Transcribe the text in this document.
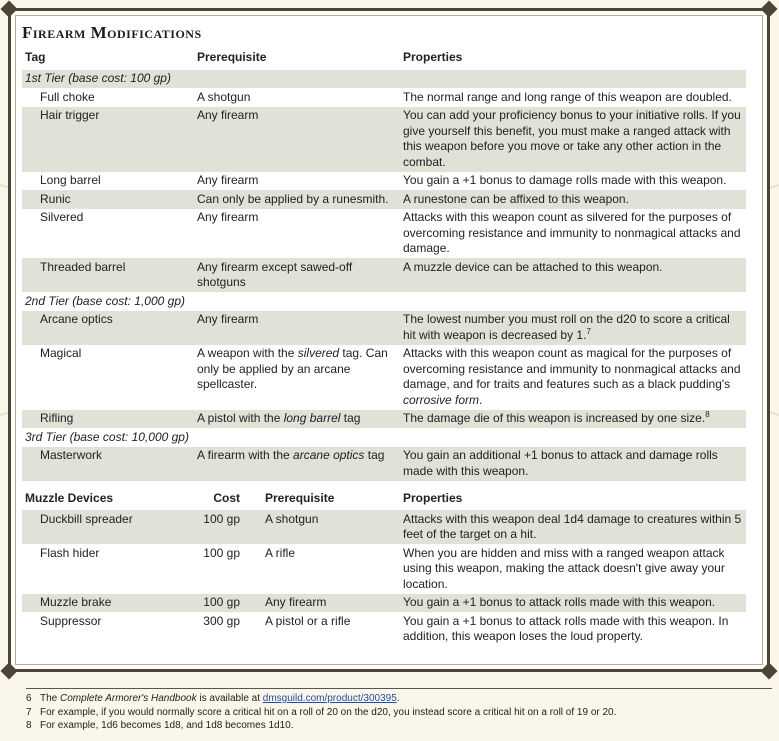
Firearm Modifications
Tag	Prerequisite	Properties
1st Tier (base cost: 100 gp)		
Full choke	A shotgun	The normal range and long range of this weapon are doubled.
Hair trigger	Any firearm	You can add your proficiency bonus to your initiative rolls. If you give yourself this benefit, you must make a ranged attack with this weapon before you move or take any other action in the combat.
Long barrel	Any firearm	You gain a +1 bonus to damage rolls made with this weapon.
Runic	Can only be applied by a runesmith.	A runestone can be affixed to this weapon.
Silvered	Any firearm	Attacks with this weapon count as silvered for the purposes of overcoming resistance and immunity to nonmagical attacks and damage.
Threaded barrel	Any firearm except sawed-off shotguns	A muzzle device can be attached to this weapon.
2nd Tier (base cost: 1,000 gp)		
Arcane optics	Any firearm	The lowest number you must roll on the d20 to score a critical hit with weapon is decreased by 1.$^7$
Magical	A weapon with the silvered tag. Can only be applied by an arcane spellcaster.	Attacks with this weapon count as magical for the purposes of overcoming resistance and immunity to nonmagical attacks and damage, and for traits and features such as a black pudding's corrosive form.
Rifling	A pistol with the long barrel tag	The damage die of this weapon is increased by one size.$^8$
3rd Tier (base cost: 10,000 gp)		
Masterwork	A firearm with the arcane optics tag	You gain an additional +1 bonus to attack and damage rolls made with this weapon.
Muzzle Devices	Cost	Prerequisite	Properties
Duckbill spreader	100 gp	A shotgun	Attacks with this weapon deal 1d4 damage to creatures within 5 feet of the target on a hit.
Flash hider	100 gp	A rifle	When you are hidden and miss with a ranged weapon attack using this weapon, making the attack doesn't give away your location.
Muzzle brake	100 gp	Any firearm	You gain a +1 bonus to attack rolls made with this weapon.
Suppressor	300 gp	A pistol or a rifle	You gain a +1 bonus to attack rolls made with this weapon. In addition, this weapon loses the loud property.
6 The Complete Armorer's Handbook is available at dmsguild.com/product/300395.
7 For example, if you would normally score a critical hit on a roll of 20 on the d20, you instead score a critical hit on a roll of 19 or 20.
8 For example, 1d6 becomes 1d8, and 1d8 becomes 1d10.
